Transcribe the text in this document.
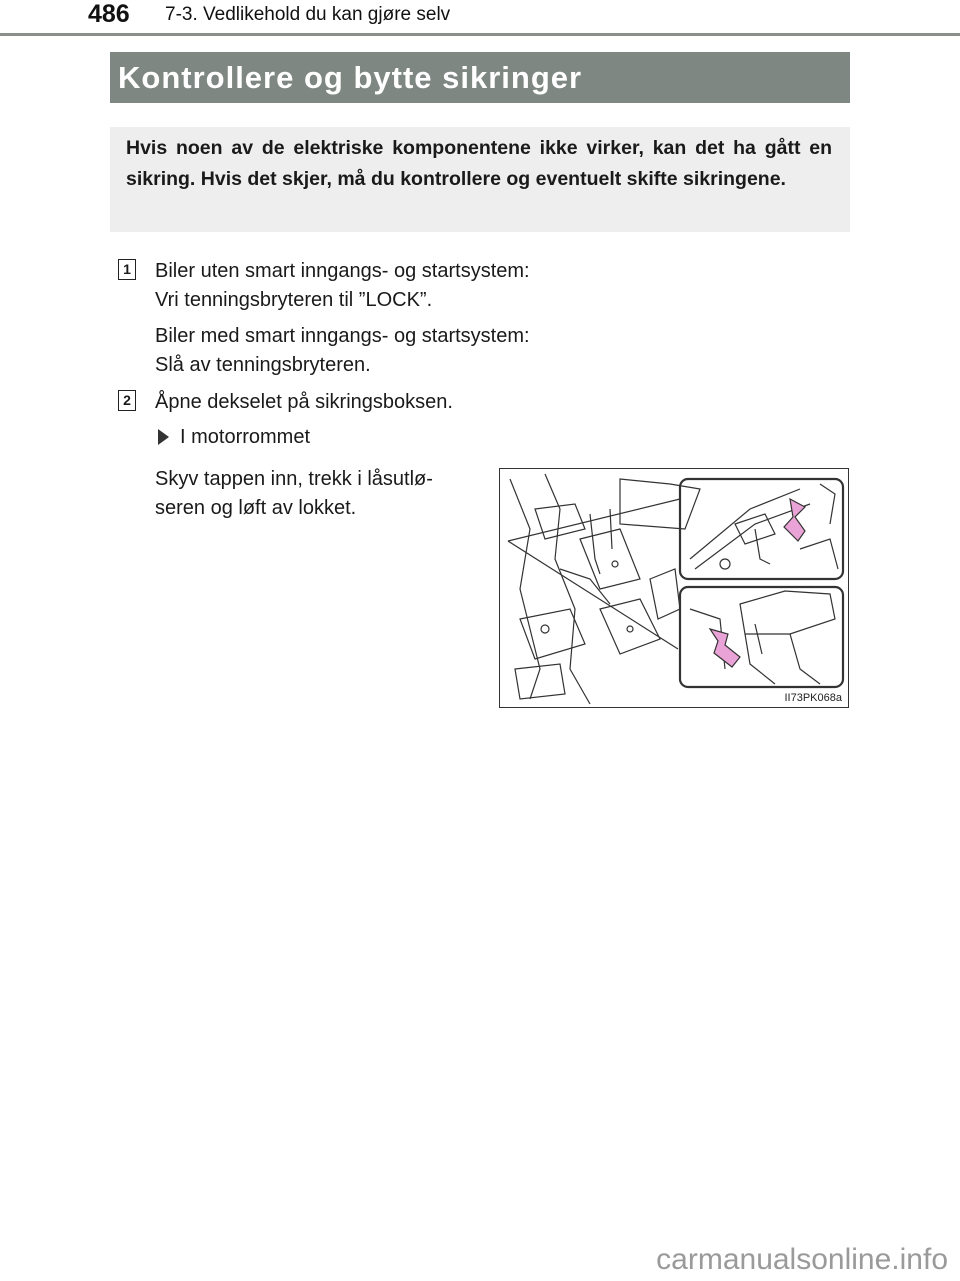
486 7-3. Vedlikehold du kan gjøre selv
Kontrollere og bytte sikringer
Hvis noen av de elektriske komponentene ikke virker, kan det ha gått en sikring. Hvis det skjer, må du kontrollere og eventuelt skifte sikringene.
1 Biler uten smart inngangs- og startsystem:
Vri tenningsbryteren til ”LOCK”.
Biler med smart inngangs- og startsystem:
Slå av tenningsbryteren.
2 Åpne dekselet på sikringsboksen.
I motorrommet
Skyv tappen inn, trekk i låsutlø-
seren og løft av lokket.
II73PK068a
carmanualsonline.info
